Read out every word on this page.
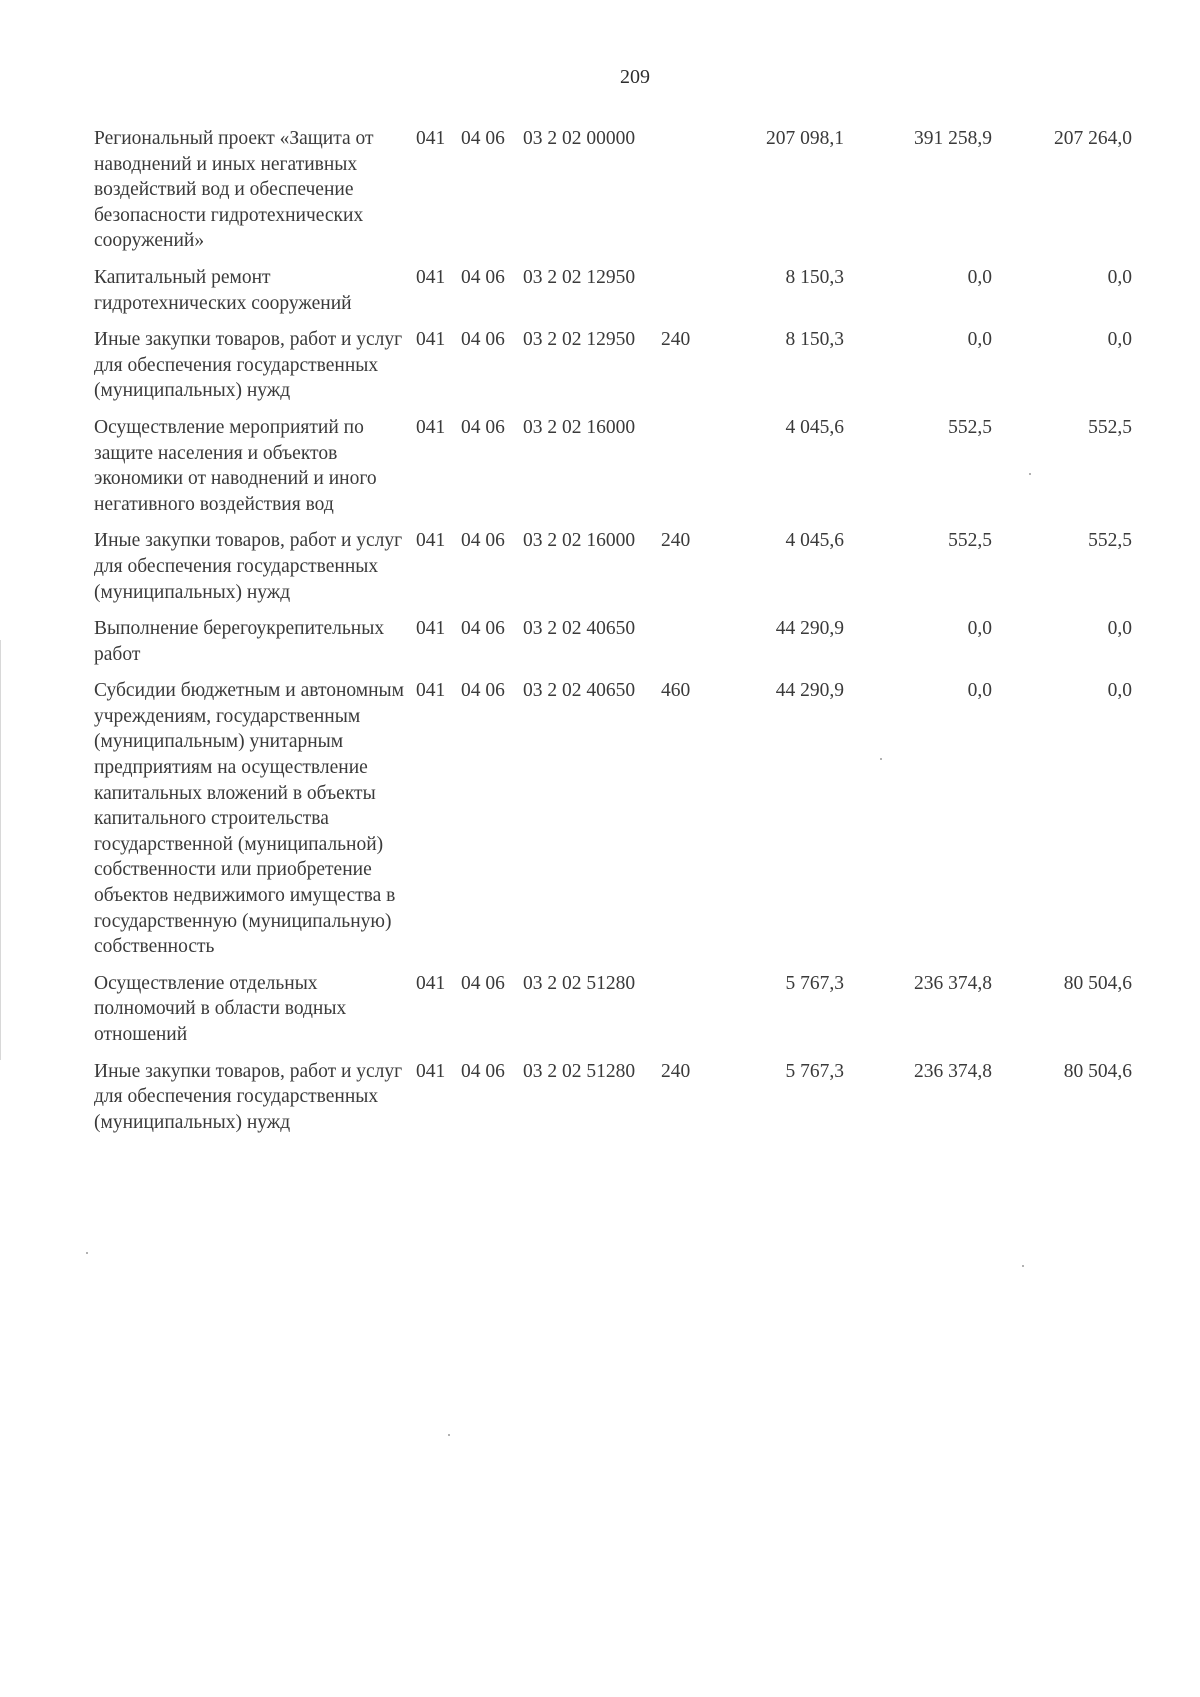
209
Региональный проект «Защита от наводнений и иных негативных воздействий вод и обеспечение безопасности гидротехнических сооружений»
041 04 06 03 2 02 00000	207 098,1	391 258,9	207 264,0
Капитальный ремонт гидротехнических сооружений
041 04 06 03 2 02 12950	8 150,3	0,0	0,0
Иные закупки товаров, работ и услуг для обеспечения государственных (муниципальных) нужд
041 04 06 03 2 02 12950	240	8 150,3	0,0	0,0
Осуществление мероприятий по защите населения и объектов экономики от наводнений и иного негативного воздействия вод
041 04 06 03 2 02 16000	4 045,6	552,5	552,5
Иные закупки товаров, работ и услуг для обеспечения государственных (муниципальных) нужд
041 04 06 03 2 02 16000	240	4 045,6	552,5	552,5
Выполнение берегоукрепительных работ
041 04 06 03 2 02 40650	44 290,9	0,0	0,0
Субсидии бюджетным и автономным учреждениям, государственным (муниципальным) унитарным предприятиям на осуществление капитальных вложений в объекты капитального строительства государственной (муниципальной) собственности или приобретение объектов недвижимого имущества в государственную (муниципальную) собственность
041 04 06 03 2 02 40650	460	44 290,9	0,0	0,0
Осуществление отдельных полномочий в области водных отношений
041 04 06 03 2 02 51280	5 767,3	236 374,8	80 504,6
Иные закупки товаров, работ и услуг для обеспечения государственных (муниципальных) нужд
041 04 06 03 2 02 51280	240	5 767,3	236 374,8	80 504,6
